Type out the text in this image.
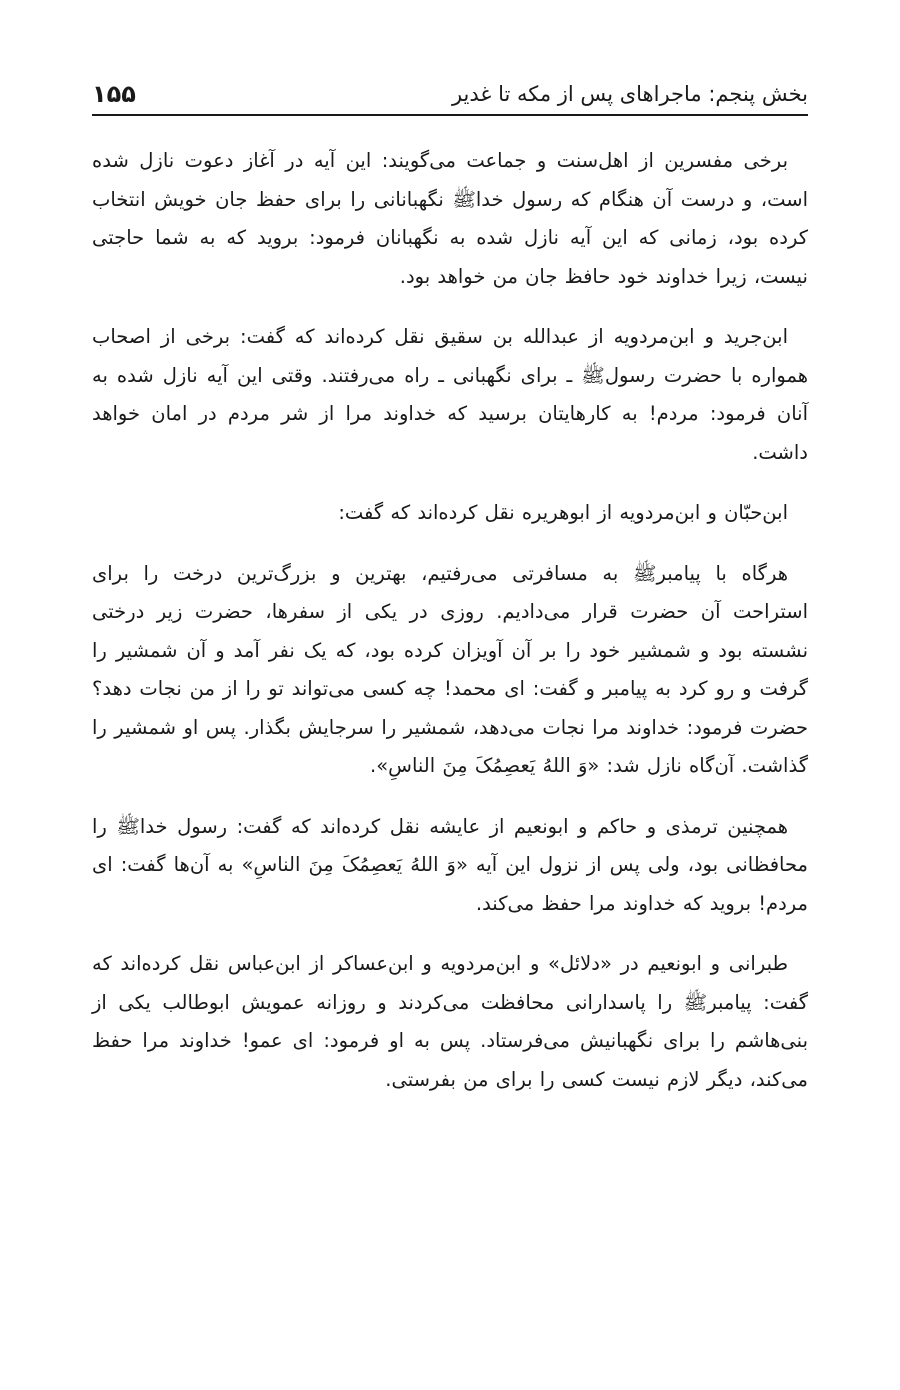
بخش پنجم: ماجراهای پس از مکه تا غدیر
۱۵۵

برخی مفسرین از اهل‌سنت و جماعت می‌گویند: این آیه در آغاز دعوت نازل شده است، و درست آن هنگام که رسول خداﷺ نگهبانانی را برای حفظ جان خویش انتخاب کرده بود، زمانی که این آیه نازل شده به نگهبانان فرمود: بروید که به شما حاجتی نیست، زیرا خداوند خود حافظ جان من خواهد بود.

ابن‌جرید و ابن‌مردویه از عبدالله بن سقیق نقل کرده‌اند که گفت: برخی از اصحاب همواره با حضرت رسولﷺ ـ برای نگهبانی ـ راه می‌رفتند. وقتی این آیه نازل شده به آنان فرمود: مردم! به کارهایتان برسید که خداوند مرا از شر مردم در امان خواهد داشت.

ابن‌حبّان و ابن‌مردویه از ابوهریره نقل کرده‌اند که گفت:

هرگاه با پیامبرﷺ به مسافرتی می‌رفتیم، بهترین و بزرگ‌ترین درخت را برای استراحت آن حضرت قرار می‌دادیم. روزی در یکی از سفرها، حضرت زیر درختی نشسته بود و شمشیر خود را بر آن آویزان کرده بود، که یک نفر آمد و آن شمشیر را گرفت و رو کرد به پیامبر و گفت: ای محمد! چه کسی می‌تواند تو را از من نجات دهد؟ حضرت فرمود: خداوند مرا نجات می‌دهد، شمشیر را سرجایش بگذار. پس او شمشیر را گذاشت. آن‌گاه نازل شد: «وَ اللهُ یَعصِمُکَ مِنَ الناسِ».

همچنین ترمذی و حاکم و ابونعیم از عایشه نقل کرده‌اند که گفت: رسول خداﷺ را محافظانی بود، ولی پس از نزول این آیه «وَ اللهُ یَعصِمُکَ مِنَ الناسِ» به آن‌ها گفت: ای مردم! بروید که خداوند مرا حفظ می‌کند.

طبرانی و ابونعیم در «دلائل» و ابن‌مردویه و ابن‌عساکر از ابن‌عباس نقل کرده‌اند که گفت: پیامبرﷺ را پاسدارانی محافظت می‌کردند و روزانه عمویش ابوطالب یکی از بنی‌هاشم را برای نگهبانیش می‌فرستاد. پس به او فرمود: ای عمو! خداوند مرا حفظ می‌کند، دیگر لازم نیست کسی را برای من بفرستی.
